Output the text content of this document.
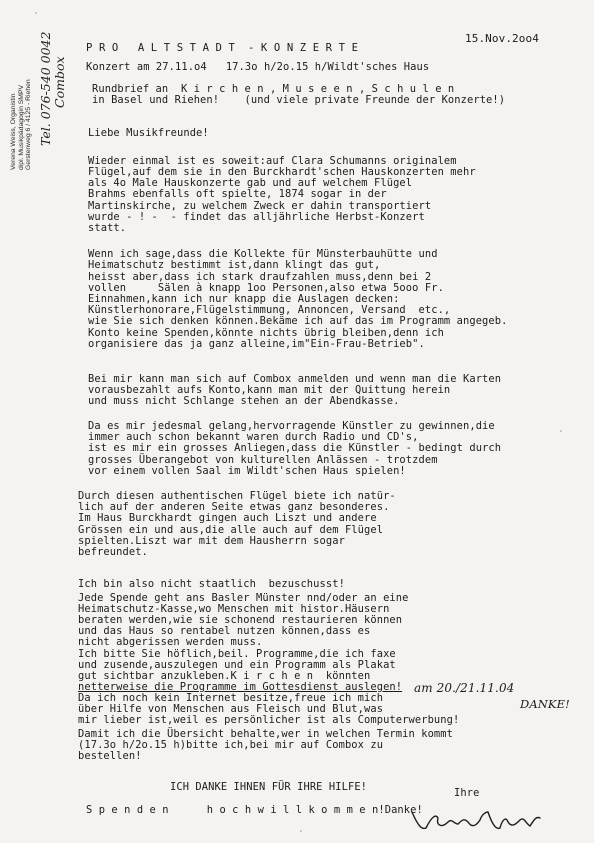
Verena Weiss, Organistin dipl. Musikpädagogin SMPV Gerstenweg 6 / 4125 - Riehen Tel. 076-540 0042 Combox
15.Nov.2oo4
P R O   A L T S T A D T  - K O N Z E R T E
Konzert am 27.11.o4   17.3o h/2o.15 h/Wildt'sches Haus
Rundbrief an  K i r c h e n , M u s e e n , S c h u l e n
in Basel und Riehen!    (und viele private Freunde der Konzerte!)
Liebe Musikfreunde!
Wieder einmal ist es soweit:auf Clara Schumanns originalem
Flügel,auf dem sie in den Burckhardt'schen Hauskonzerten mehr
als 4o Male Hauskonzerte gab und auf welchem Flügel
Brahms ebenfalls oft spielte, 1874 sogar in der
Martinskirche, zu welchem Zweck er dahin transportiert
wurde - ! -  - findet das alljährliche Herbst-Konzert
statt.
Wenn ich sage,dass die Kollekte für Münsterbauhütte und
Heimatschutz bestimmt ist,dann klingt das gut,
heisst aber,dass ich stark draufzahlen muss,denn bei 2
vollen     Sälen à knapp 1oo Personen,also etwa 5ooo Fr.
Einnahmen,kann ich nur knapp die Auslagen decken:
Künstlerhonorare,Flügelstimmung, Annoncen, Versand  etc.,
wie Sie sich denken können.Bekäme ich auf das im Programm angegeb.
Konto keine Spenden,könnte nichts übrig bleiben,denn ich
organisiere das ja ganz alleine,im"Ein-Frau-Betrieb".
Bei mir kann man sich auf Combox anmelden und wenn man die Karten
vorausbezahlt aufs Konto,kann man mit der Quittung herein
und muss nicht Schlange stehen an der Abendkasse.
Da es mir jedesmal gelang,hervorragende Künstler zu gewinnen,die
immer auch schon bekannt waren durch Radio und CD's,
ist es mir ein grosses Anliegen,dass die Künstler - bedingt durch
grosses Überangebot von kulturellen Anlässen - trotzdem
vor einem vollen Saal im Wildt'schen Haus spielen!
Durch diesen authentischen Flügel biete ich natür-
lich auf der anderen Seite etwas ganz besonderes.
Im Haus Burckhardt gingen auch Liszt und andere
Grössen ein und aus,die alle auch auf dem Flügel
spielten.Liszt war mit dem Hausherrn sogar
befreundet.
Ich bin also nicht staatlich  bezuschusst!
Jede Spende geht ans Basler Münster nnd/oder an eine
Heimatschutz-Kasse,wo Menschen mit histor.Häusern
beraten werden,wie sie schonend restaurieren können
und das Haus so rentabel nutzen können,dass es
nicht abgerissen werden muss.
Ich bitte Sie höflich,beil. Programme,die ich faxe
und zusende,auszulegen und ein Programm als Plakat
gut sichtbar anzukleben.K i r c h e n  könnten
netterweise die Programme im Gottesdienst auslegen!
Da ich noch kein Internet besitze,freue ich mich
über Hilfe von Menschen aus Fleisch und Blut,was
mir lieber ist,weil es persönlicher ist als Computerwerbung!
Damit ich die Übersicht behalte,wer in welchen Termin kommt
(17.3o h/2o.15 h)bitte ich,bei mir auf Combox zu
bestellen!
am 20./21.11.04
DANKE!
ICH DANKE IHNEN FÜR IHRE HILFE!	Ihre
S p e n d e n      h o c h w i l l k o m m e n!Danke!
